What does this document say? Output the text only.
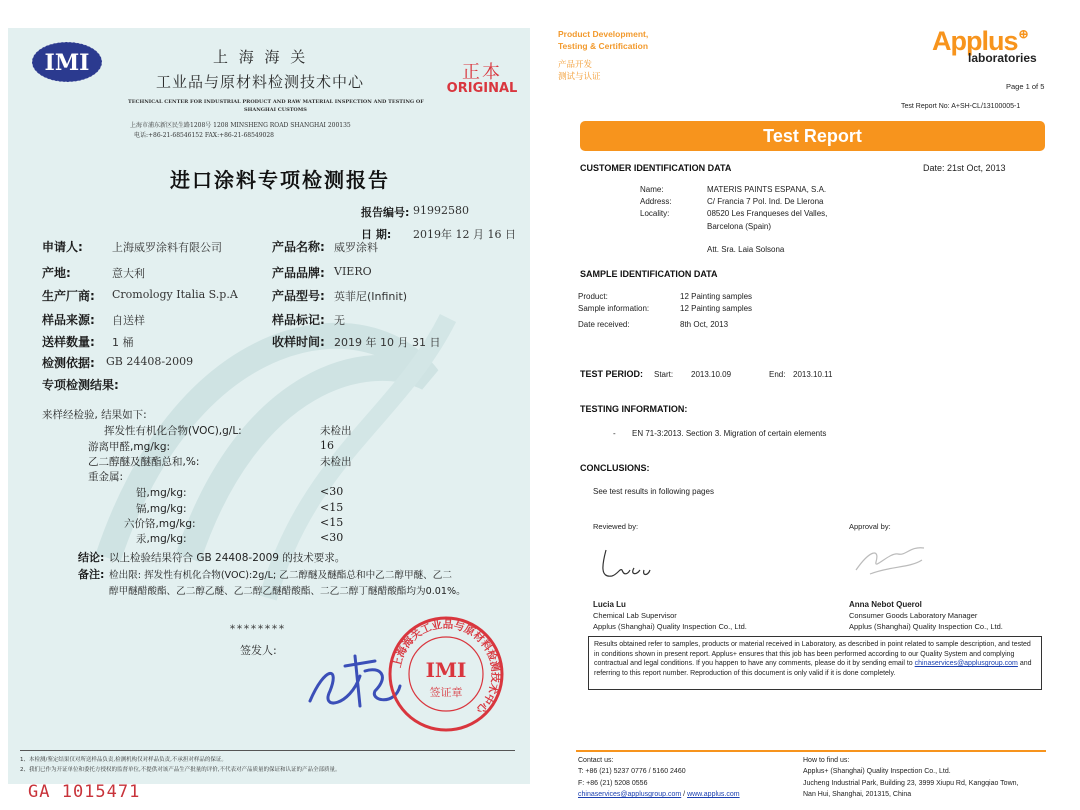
IMI	上 海 海 关
工业品与原材料检测技术中心
TECHNICAL CENTER FOR INDUSTRIAL PRODUCT AND RAW MATERIAL INSPECTION AND TESTING OF
SHANGHAI CUSTOMS
上海市浦东新区民生路1208号 1208 MINSHENG ROAD SHANGHAI 200135
电话:+86-21-68546152 FAX:+86-21-68549028
正本
ORIGINAL
进口涂料专项检测报告
报告编号: 91992580
日 期: 2019年 12 月 16 日
申请人:	上海威罗涂料有限公司	产品名称: 威罗涂料
产地:	意大利	产品品牌: VIERO
生产厂商: Cromology Italia S.p.A	产品型号: 英菲尼(Infinit)
样品来源: 自送样	样品标记: 无
送样数量: 1 桶	收样时间: 2019 年 10 月 31 日
检测依据: GB 24408-2009
专项检测结果:
来样经检验, 结果如下:
挥发性有机化合物(VOC),g/L:	未检出
游离甲醛,mg/kg:	16
乙二醇醚及醚酯总和,%:	未检出
重金属:
铅,mg/kg:	<30
镉,mg/kg:	<15
六价铬,mg/kg:	<15
汞,mg/kg:	<30
结论: 以上检验结果符合 GB 24408-2009 的技术要求。
备注: 检出限: 挥发性有机化合物(VOC):2g/L; 乙二醇醚及醚酯总和中乙二醇甲醚、乙二
醇甲醚醋酸酯、乙二醇乙醚、乙二醇乙醚醋酸酯、二乙二醇丁醚醋酸酯均为0.01%。
********
签发人:
上海海关工业品与原材料检测技术中心
IMI
签证章
1、本检测/鉴定结果仅对所送样品负责,检测机构仅对样品负责,不承担对样品的保证。
2、我们已作为开证单位和委托方授权的监督单位,不提供对该产品生产批量的评价,不代表对产品质量的保证和认证的产品全部质量。
GA 1015471
Product Development,
Testing & Certification
产品开发
测试与认证
Applus⊕
laboratories
Page 1 of 5
Test Report No: A+SH-CL/13100005-1
Test Report
CUSTOMER IDENTIFICATION DATA	Date: 21st Oct, 2013
Name:	MATERIS PAINTS ESPANA, S.A.
Address:	C/ Francia 7 Pol. Ind. De Llerona
Locality:	08520 Les Franqueses del Valles,
Barcelona (Spain)
Att. Sra. Laia Solsona
SAMPLE IDENTIFICATION DATA
Product:	12 Painting samples
Sample information:	12 Painting samples
Date received:	8th Oct, 2013
TEST PERIOD: Start: 2013.10.09	End: 2013.10.11
TESTING INFORMATION:
- EN 71-3:2013. Section 3. Migration of certain elements
CONCLUSIONS:
See test results in following pages
Reviewed by:	Approval by:
Lucia Lu
Chemical Lab Supervisor
Applus (Shanghai) Quality Inspection Co., Ltd.
Anna Nebot Querol
Consumer Goods Laboratory Manager
Applus (Shanghai) Quality Inspection Co., Ltd.
Results obtained refer to samples, products or material received in Laboratory, as described in point related to sample description, and tested in conditions shown in present report. Applus+ ensures that this job has been performed according to our Quality System and complying contractual and legal conditions. If you happen to have any comments, please do it by sending email to chinaservices@applusgroup.com and referring to this report number. Reproduction of this document is only valid if it is done completely.
Contact us:
T: +86 (21) 5237 0776 / 5160 2460
F: +86 (21) 5208 0556
chinaservices@applusgroup.com / www.applus.com
How to find us:
Applus+ (Shanghai) Quality Inspection Co., Ltd.
Jucheng Industrial Park, Building 23, 3999 Xiupu Rd, Kangqiao Town,
Nan Hui, Shanghai, 201315, China
